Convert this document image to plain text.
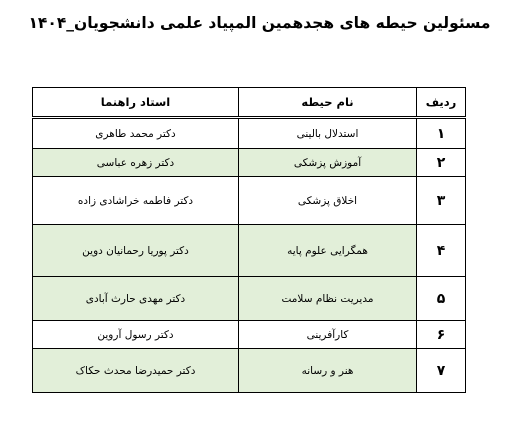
مسئولین حیطه های هجدهمین المپیاد علمی دانشجویان_۱۴۰۴
ردیف	نام حیطه	استاد راهنما
۱	استدلال بالینی	دکتر محمد طاهری
۲	آموزش پزشکی	دکتر زهره عباسی
۳	اخلاق پزشکی	دکتر فاطمه خراشادی زاده
۴	همگرایی علوم پایه	دکتر پوریا رحمانیان دوین
۵	مدیریت نظام سلامت	دکتر مهدی حارث آبادی
۶	کارآفرینی	دکتر رسول آروین
۷	هنر و رسانه	دکتر حمیدرضا محدث حکاک
